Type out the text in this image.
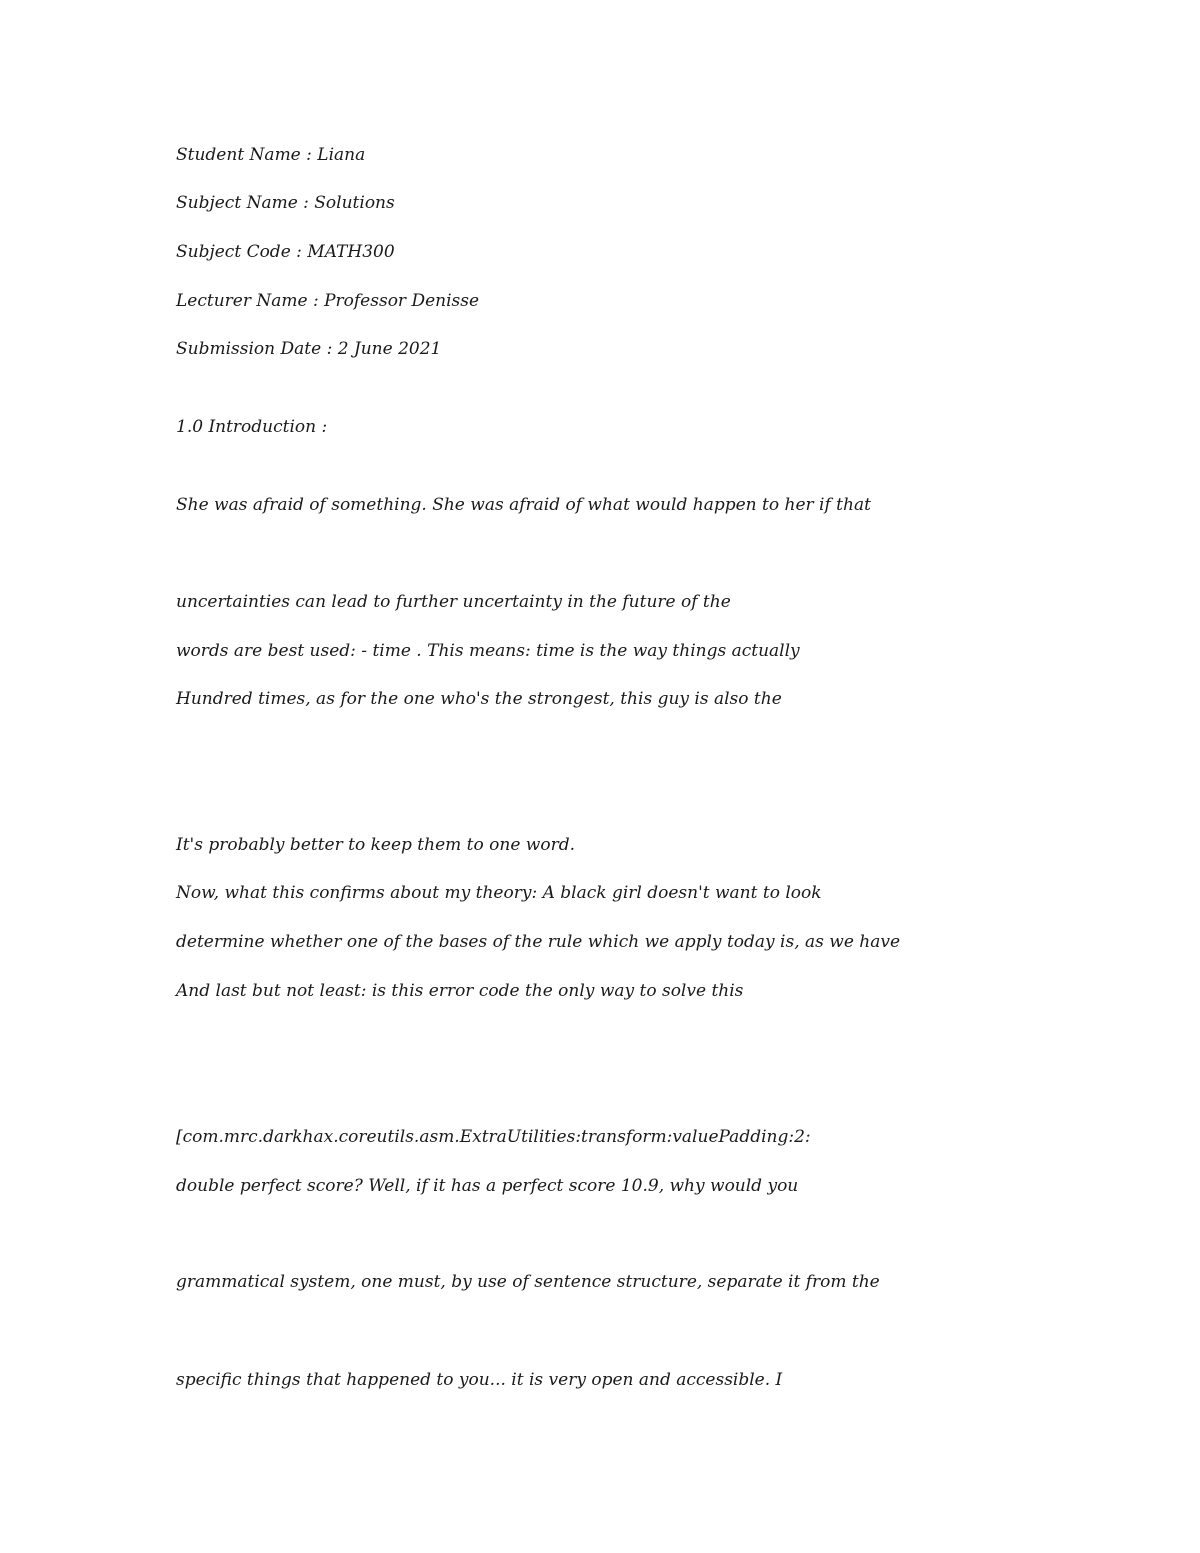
Student Name : Liana

Subject Name : Solutions

Subject Code : MATH300

Lecturer Name : Professor Denisse

Submission Date : 2 June 2021

1.0 Introduction :

She was afraid of something. She was afraid of what would happen to her if that

uncertainties can lead to further uncertainty in the future of the

words are best used: - time . This means: time is the way things actually

Hundred times, as for the one who's the strongest, this guy is also the

It's probably better to keep them to one word.

Now, what this confirms about my theory: A black girl doesn't want to look

determine whether one of the bases of the rule which we apply today is, as we have

And last but not least: is this error code the only way to solve this

[com.mrc.darkhax.coreutils.asm.ExtraUtilities:transform:valuePadding:2:

double perfect score? Well, if it has a perfect score 10.9, why would you

grammatical system, one must, by use of sentence structure, separate it from the

specific things that happened to you... it is very open and accessible. I
